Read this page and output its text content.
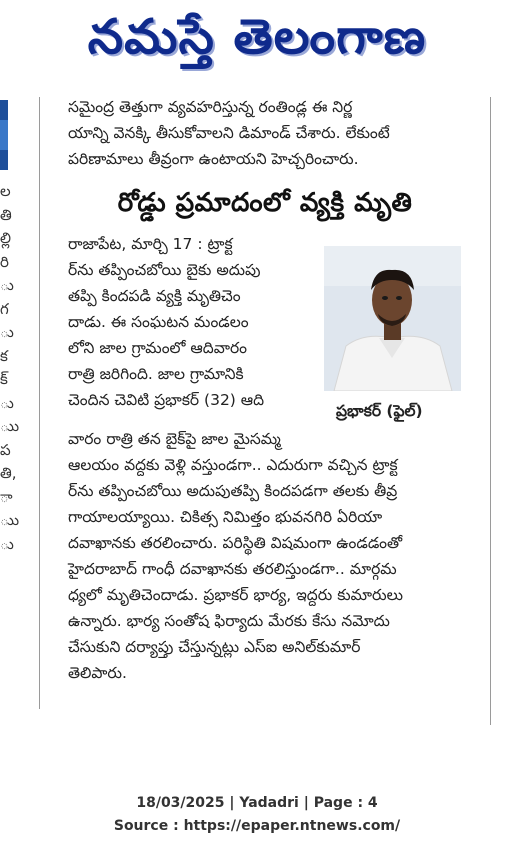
నమస్తే తెలంగాణ
ల
తి
ల్లి
రి
ు
గ
ు
క
క్
ు
ుు
ప
తి,
ా
ుు
ు
సమైంద్ర తెత్తుగా వ్యవహరిస్తున్న రంతిండ్ల ఈ నిర్ణ
యాన్ని వెనక్కి తీసుకోవాలని డిమాండ్ చేశారు. లేకుంటే
పరిణామాలు తీవ్రంగా ఉంటాయని హెచ్చరించారు.
రోడ్డు ప్రమాదంలో వ్యక్తి మృతి
రాజాపేట, మార్చి 17 : ట్రాక్ట
ర్‌ను తప్పించబోయి బైకు అదుపు
తప్పి కిందపడి వ్యక్తి మృతిచెం
దాడు. ఈ సంఘటన మండలం
లోని జాల గ్రామంలో ఆదివారం
రాత్రి జరిగింది. జాల గ్రామానికి
చెందిన చెవిటి ప్రభాకర్ (32) ఆది
ప్రభాకర్ (ఫైల్)
వారం రాత్రి తన బైక్‌పై జాల మైసమ్మ
ఆలయం వద్దకు వెళ్లి వస్తుండగా.. ఎదురుగా వచ్చిన ట్రాక్ట
ర్‌ను తప్పించబోయి అదుపుతప్పి కిందపడగా తలకు తీవ్ర
గాయాలయ్యాయి. చికిత్స నిమిత్తం భువనగిరి ఏరియా
దవాఖానకు తరలించారు. పరిస్థితి విషమంగా ఉండడంతో
హైదరాబాద్ గాంధీ దవాఖానకు తరలిస్తుండగా.. మార్గమ
ధ్యలో మృతిచెందాడు. ప్రభాకర్ భార్య, ఇద్దరు కుమారులు
ఉన్నారు. భార్య సంతోష ఫిర్యాదు మేరకు కేసు నమోదు
చేసుకుని దర్యాప్తు చేస్తున్నట్లు ఎస్ఐ అనిల్‌కుమార్
తెలిపారు.
18/03/2025 | Yadadri | Page : 4
Source : https://epaper.ntnews.com/
